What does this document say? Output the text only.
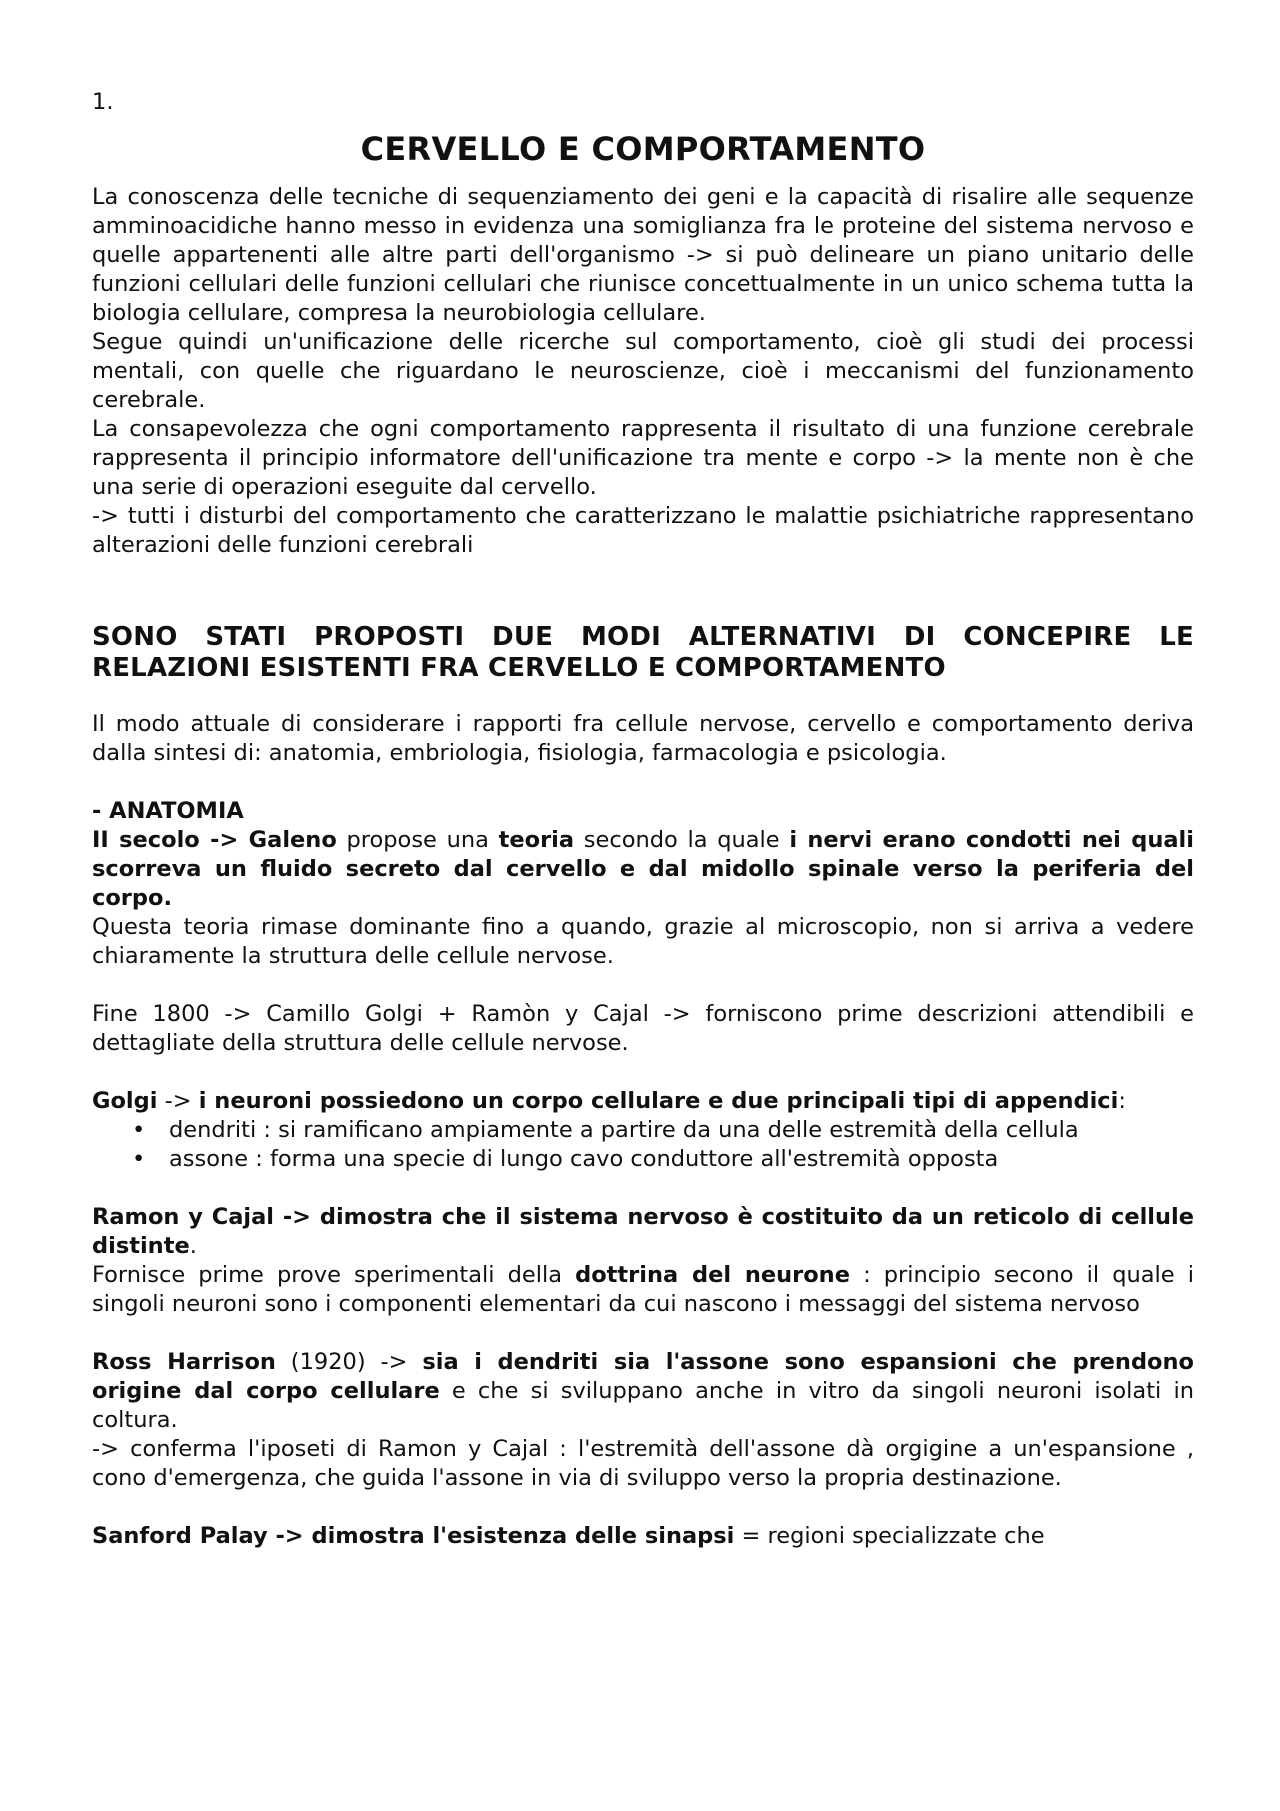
1.
CERVELLO E COMPORTAMENTO

La conoscenza delle tecniche di sequenziamento dei geni e la capacità di risalire alle sequenze amminoacidiche hanno messo in evidenza una somiglianza fra le proteine del sistema nervoso e quelle appartenenti alle altre parti dell'organismo -> si può delineare un piano unitario delle funzioni cellulari delle funzioni cellulari che riunisce concettualmente in un unico schema tutta la biologia cellulare, compresa la neurobiologia cellulare.

Segue quindi un'unificazione delle ricerche sul comportamento, cioè gli studi dei processi mentali, con quelle che riguardano le neuroscienze, cioè i meccanismi del funzionamento cerebrale.

La consapevolezza che ogni comportamento rappresenta il risultato di una funzione cerebrale rappresenta il principio informatore dell'unificazione tra mente e corpo -> la mente non è che una serie di operazioni eseguite dal cervello.

-> tutti i disturbi del comportamento che caratterizzano le malattie psichiatriche rappresentano alterazioni delle funzioni cerebrali

SONO STATI PROPOSTI DUE MODI ALTERNATIVI DI CONCEPIRE LE RELAZIONI ESISTENTI FRA CERVELLO E COMPORTAMENTO

Il modo attuale di considerare i rapporti fra cellule nervose, cervello e comportamento deriva dalla sintesi di: anatomia, embriologia, fisiologia, farmacologia e psicologia.

- ANATOMIA

II secolo -> Galeno propose una teoria secondo la quale i nervi erano condotti nei quali scorreva un fluido secreto dal cervello e dal midollo spinale verso la periferia del corpo.

Questa teoria rimase dominante fino a quando, grazie al microscopio, non si arriva a vedere chiaramente la struttura delle cellule nervose.

Fine 1800 -> Camillo Golgi + Ramòn y Cajal -> forniscono prime descrizioni attendibili e dettagliate della struttura delle cellule nervose.

Golgi -> i neuroni possiedono un corpo cellulare e due principali tipi di appendici:

• dendriti : si ramificano ampiamente a partire da una delle estremità della cellula
• assone : forma una specie di lungo cavo conduttore all'estremità opposta

Ramon y Cajal -> dimostra che il sistema nervoso è costituito da un reticolo di cellule distinte.

Fornisce prime prove sperimentali della dottrina del neurone : principio secono il quale i singoli neuroni sono i componenti elementari da cui nascono i messaggi del sistema nervoso

Ross Harrison (1920) -> sia i dendriti sia l'assone sono espansioni che prendono origine dal corpo cellulare e che si sviluppano anche in vitro da singoli neuroni isolati in coltura.

-> conferma l'iposeti di Ramon y Cajal : l'estremità dell'assone dà orgigine a un'espansione , cono d'emergenza, che guida l'assone in via di sviluppo verso la propria destinazione.

Sanford Palay -> dimostra l'esistenza delle sinapsi = regioni specializzate che
